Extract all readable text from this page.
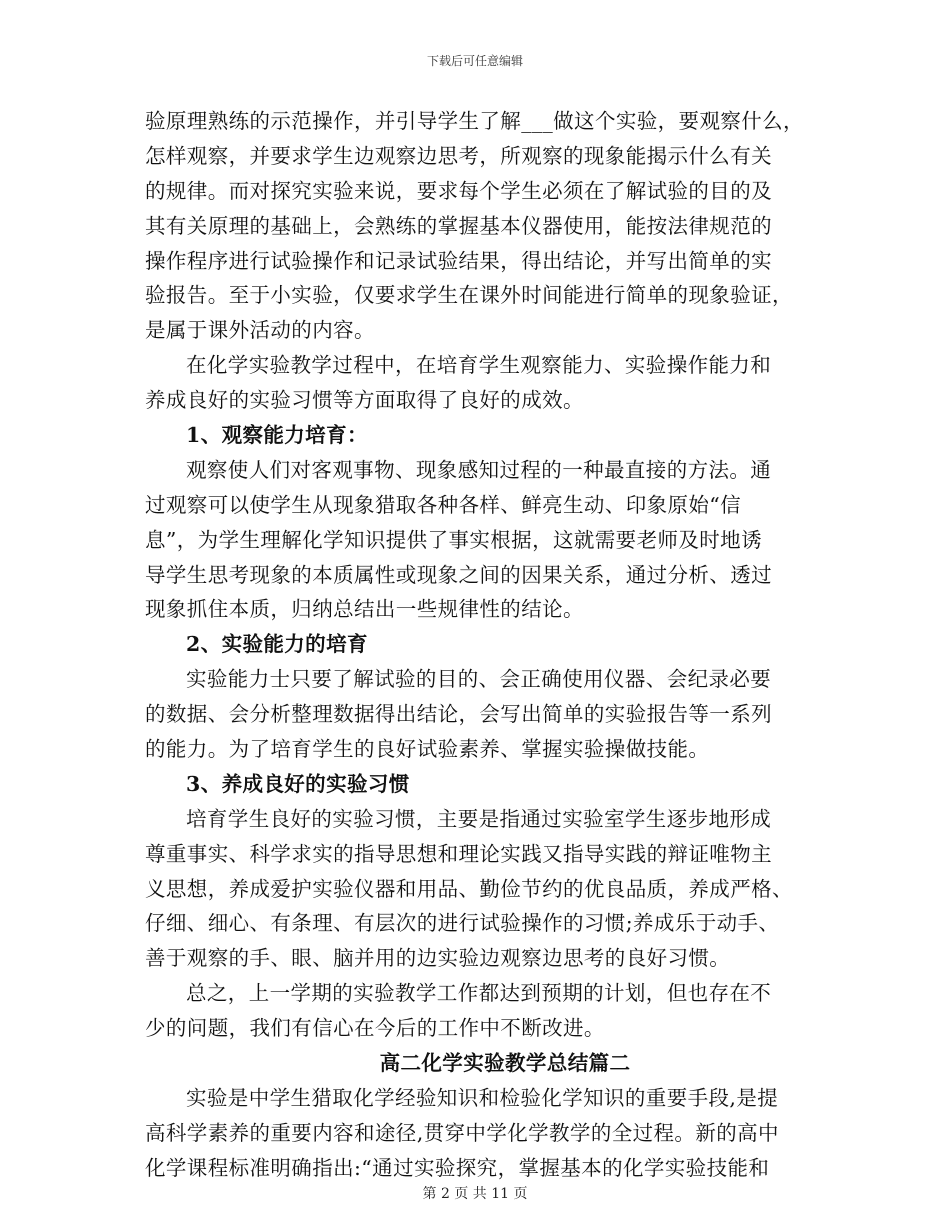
下载后可任意编辑
验原理熟练的示范操作，并引导学生了解___做这个实验，要观察什么，
怎样观察，并要求学生边观察边思考，所观察的现象能揭示什么有关
的规律。而对探究实验来说，要求每个学生必须在了解试验的目的及
其有关原理的基础上，会熟练的掌握基本仪器使用，能按法律规范的
操作程序进行试验操作和记录试验结果，得出结论，并写出简单的实
验报告。至于小实验，仅要求学生在课外时间能进行简单的现象验证，
是属于课外活动的内容。
在化学实验教学过程中，在培育学生观察能力、实验操作能力和
养成良好的实验习惯等方面取得了良好的成效。
1、观察能力培育：
观察使人们对客观事物、现象感知过程的一种最直接的方法。通
过观察可以使学生从现象猎取各种各样、鲜亮生动、印象原始“信
息”，为学生理解化学知识提供了事实根据，这就需要老师及时地诱
导学生思考现象的本质属性或现象之间的因果关系，通过分析、透过
现象抓住本质，归纳总结出一些规律性的结论。
2、实验能力的培育
实验能力士只要了解试验的目的、会正确使用仪器、会纪录必要
的数据、会分析整理数据得出结论，会写出简单的实验报告等一系列
的能力。为了培育学生的良好试验素养、掌握实验操做技能。
3、养成良好的实验习惯
培育学生良好的实验习惯，主要是指通过实验室学生逐步地形成
尊重事实、科学求实的指导思想和理论实践又指导实践的辩证唯物主
义思想，养成爱护实验仪器和用品、勤俭节约的优良品质，养成严格、
仔细、细心、有条理、有层次的进行试验操作的习惯;养成乐于动手、
善于观察的手、眼、脑并用的边实验边观察边思考的良好习惯。
总之，上一学期的实验教学工作都达到预期的计划，但也存在不
少的问题，我们有信心在今后的工作中不断改进。
高二化学实验教学总结篇二
实验是中学生猎取化学经验知识和检验化学知识的重要手段,是提
高科学素养的重要内容和途径,贯穿中学化学教学的全过程。新的高中
化学课程标准明确指出:“通过实验探究，掌握基本的化学实验技能和
第 2 页 共 11 页
